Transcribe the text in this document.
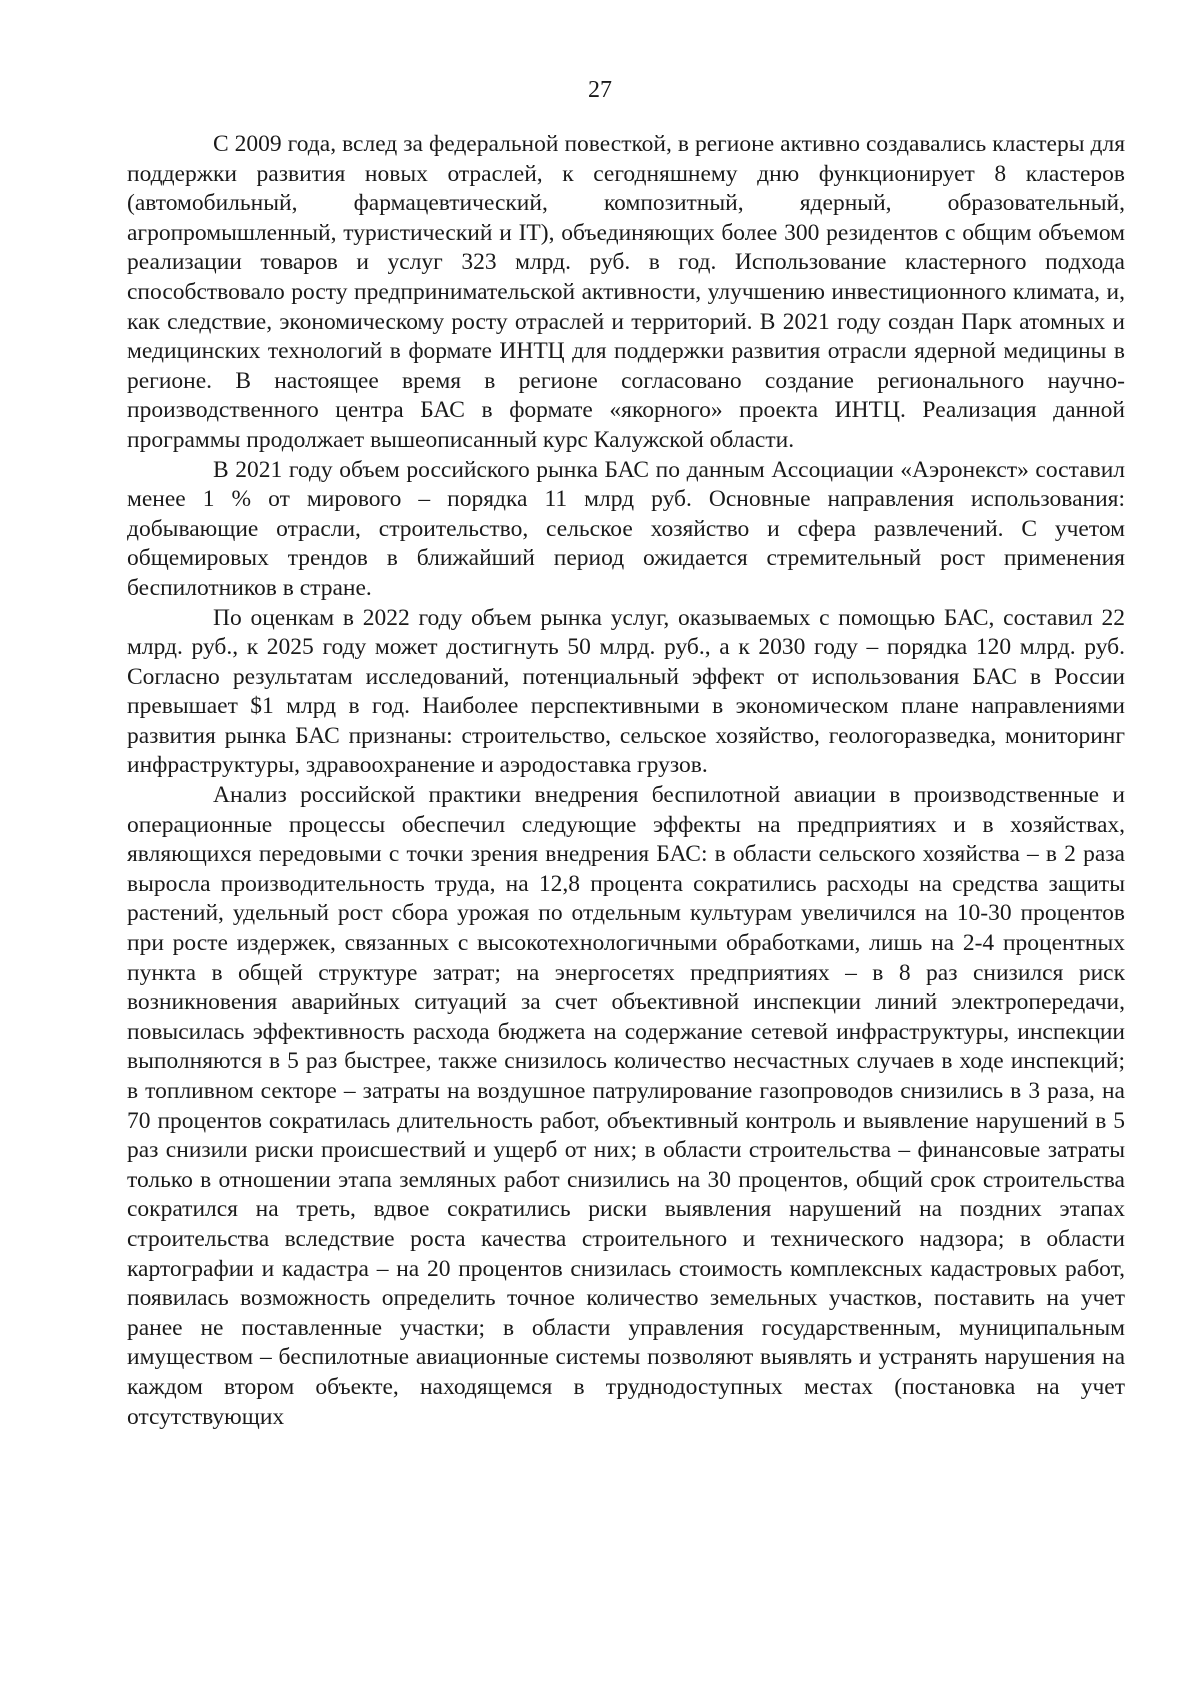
27

С 2009 года, вслед за федеральной повесткой, в регионе активно создавались кластеры для поддержки развития новых отраслей, к сегодняшнему дню функционирует 8 кластеров (автомобильный, фармацевтический, композитный, ядерный, образовательный, агропромышленный, туристический и IT), объединяющих более 300 резидентов с общим объемом реализации товаров и услуг 323 млрд. руб. в год. Использование кластерного подхода способствовало росту предпринимательской активности, улучшению инвестиционного климата, и, как следствие, экономическому росту отраслей и территорий. В 2021 году создан Парк атомных и медицинских технологий в формате ИНТЦ для поддержки развития отрасли ядерной медицины в регионе. В настоящее время в регионе согласовано создание регионального научно-производственного центра БАС в формате «якорного» проекта ИНТЦ. Реализация данной программы продолжает вышеописанный курс Калужской области.

В 2021 году объем российского рынка БАС по данным Ассоциации «Аэронекст» составил менее 1 % от мирового – порядка 11 млрд руб. Основные направления использования: добывающие отрасли, строительство, сельское хозяйство и сфера развлечений. С учетом общемировых трендов в ближайший период ожидается стремительный рост применения беспилотников в стране.

По оценкам в 2022 году объем рынка услуг, оказываемых с помощью БАС, составил 22 млрд. руб., к 2025 году может достигнуть 50 млрд. руб., а к 2030 году – порядка 120 млрд. руб. Согласно результатам исследований, потенциальный эффект от использования БАС в России превышает $1 млрд в год. Наиболее перспективными в экономическом плане направлениями развития рынка БАС признаны: строительство, сельское хозяйство, геологоразведка, мониторинг инфраструктуры, здравоохранение и аэродоставка грузов.

Анализ российской практики внедрения беспилотной авиации в производственные и операционные процессы обеспечил следующие эффекты на предприятиях и в хозяйствах, являющихся передовыми с точки зрения внедрения БАС: в области сельского хозяйства – в 2 раза выросла производительность труда, на 12,8 процента сократились расходы на средства защиты растений, удельный рост сбора урожая по отдельным культурам увеличился на 10-30 процентов при росте издержек, связанных с высокотехнологичными обработками, лишь на 2-4 процентных пункта в общей структуре затрат; на энергосетях предприятиях – в 8 раз снизился риск возникновения аварийных ситуаций за счет объективной инспекции линий электропередачи, повысилась эффективность расхода бюджета на содержание сетевой инфраструктуры, инспекции выполняются в 5 раз быстрее, также снизилось количество несчастных случаев в ходе инспекций; в топливном секторе – затраты на воздушное патрулирование газопроводов снизились в 3 раза, на 70 процентов сократилась длительность работ, объективный контроль и выявление нарушений в 5 раз снизили риски происшествий и ущерб от них; в области строительства – финансовые затраты только в отношении этапа земляных работ снизились на 30 процентов, общий срок строительства сократился на треть, вдвое сократились риски выявления нарушений на поздних этапах строительства вследствие роста качества строительного и технического надзора; в области картографии и кадастра – на 20 процентов снизилась стоимость комплексных кадастровых работ, появилась возможность определить точное количество земельных участков, поставить на учет ранее не поставленные участки; в области управления государственным, муниципальным имуществом – беспилотные авиационные системы позволяют выявлять и устранять нарушения на каждом втором объекте, находящемся в труднодоступных местах (постановка на учет отсутствующих
